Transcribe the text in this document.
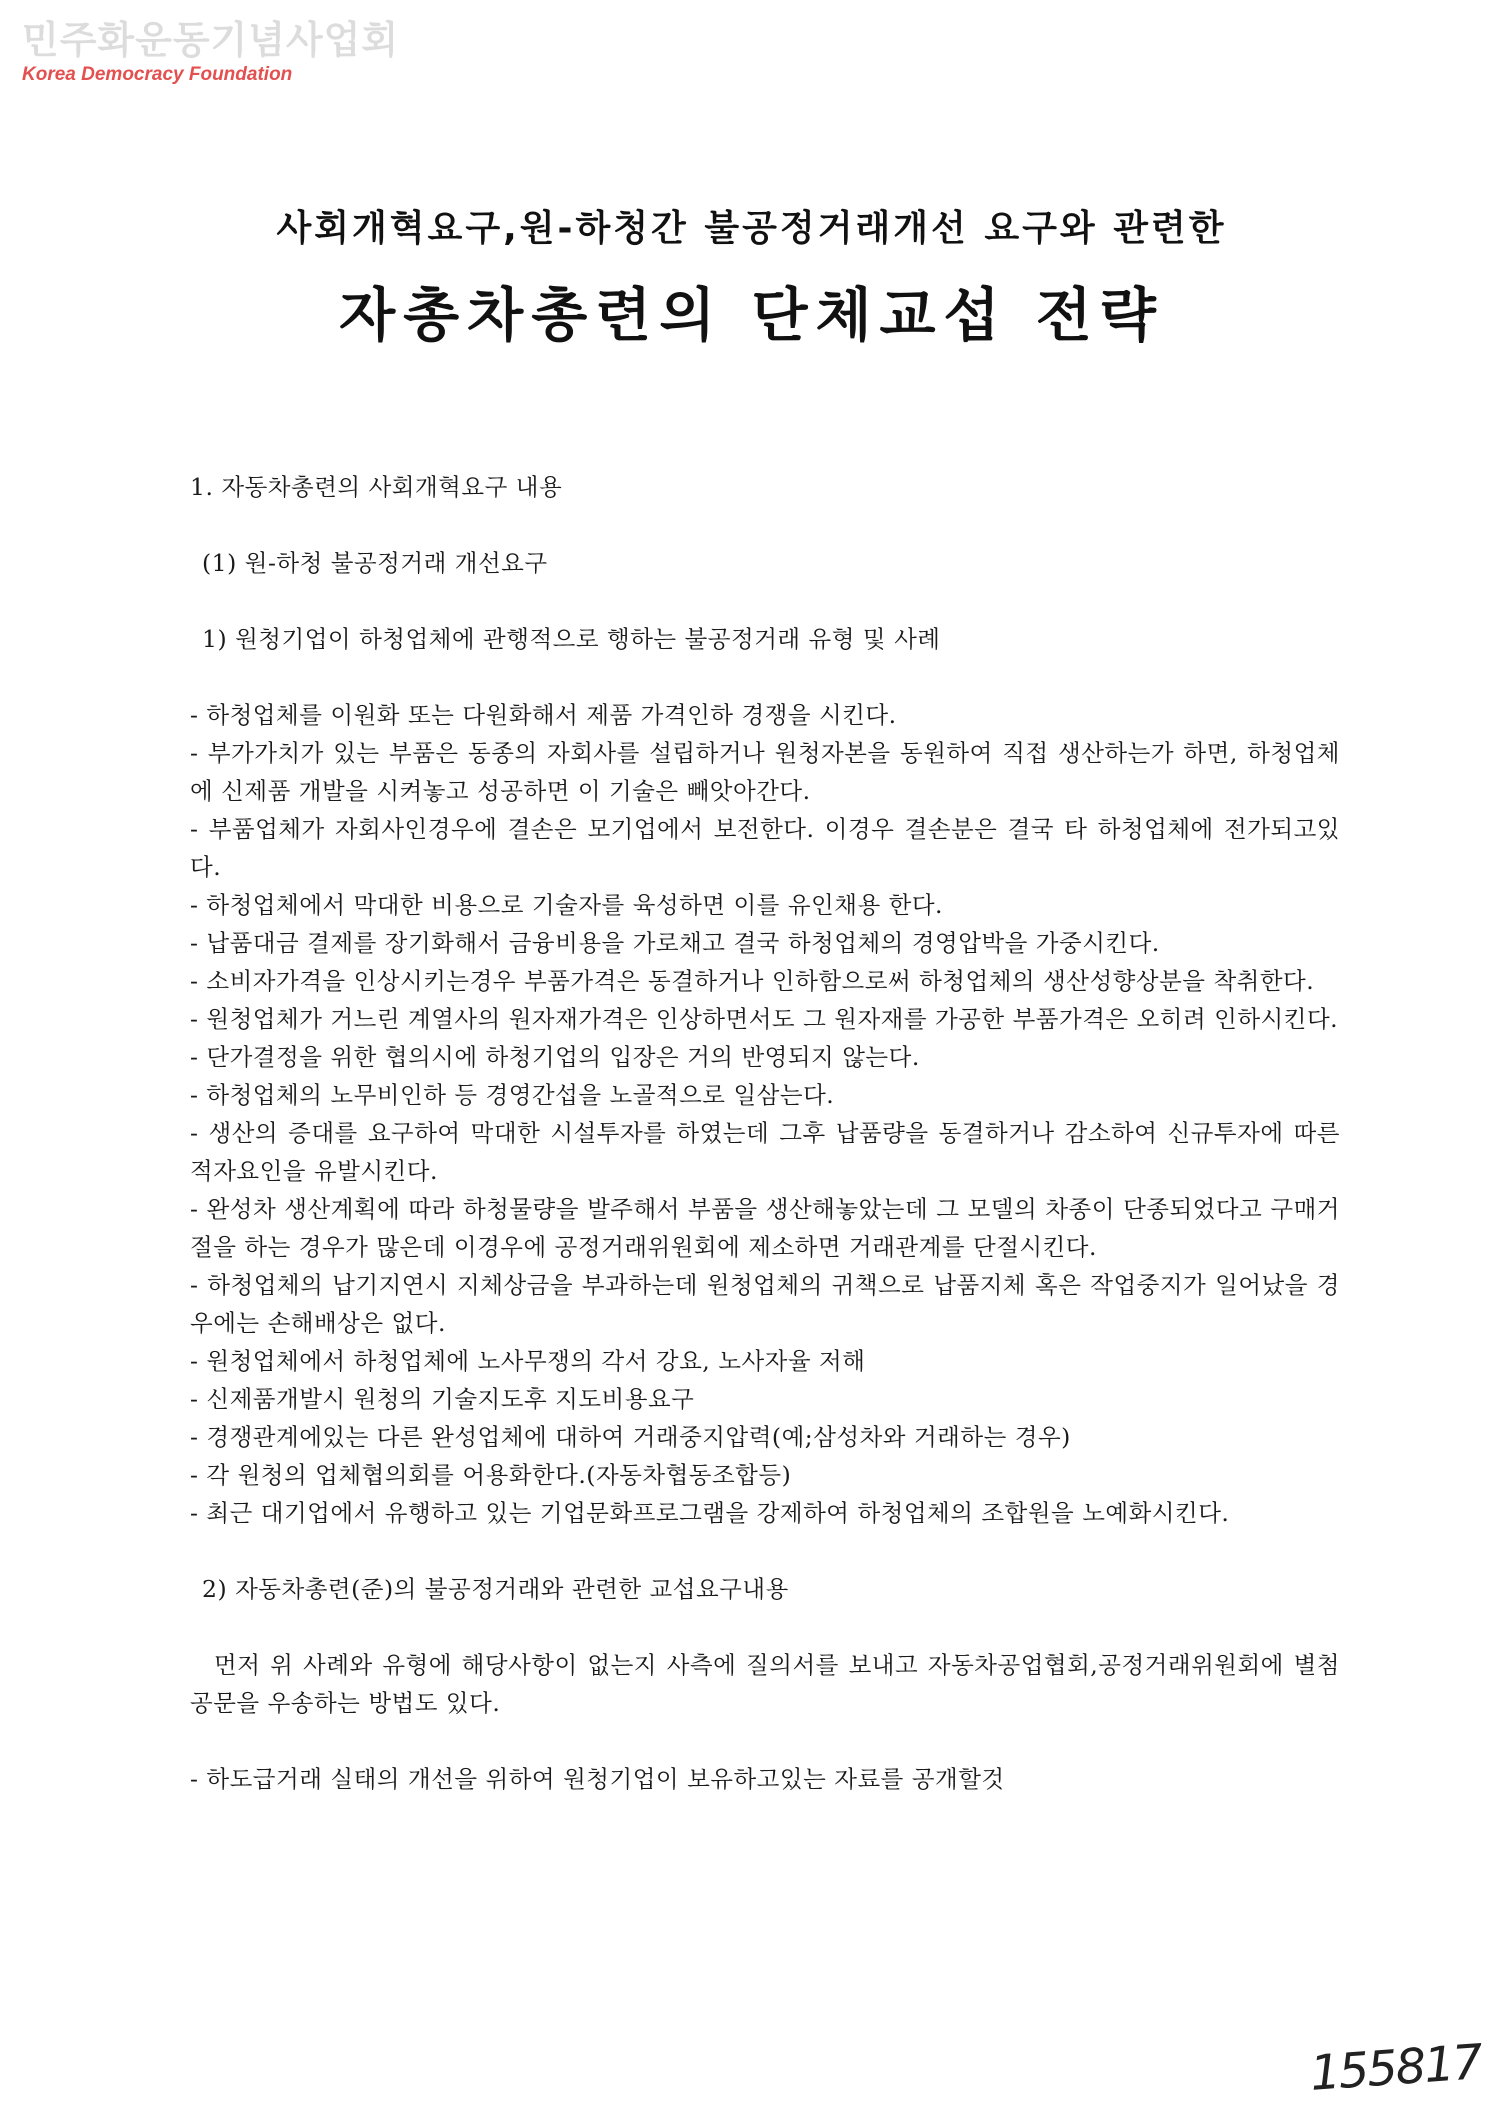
민주화운동기념사업회
Korea Democracy Foundation
사회개혁요구,원-하청간 불공정거래개선 요구와 관련한
자총차총련의 단체교섭 전략

1. 자동차총련의 사회개혁요구 내용

(1) 원-하청 불공정거래 개선요구

1) 원청기업이 하청업체에 관행적으로 행하는 불공정거래 유형 및 사례

- 하청업체를 이원화 또는 다원화해서 제품 가격인하 경쟁을 시킨다.

- 부가가치가 있는 부품은 동종의 자회사를 설립하거나 원청자본을 동원하여 직접 생산하는가 하면, 하청업체에 신제품 개발을 시켜놓고 성공하면 이 기술은 빼앗아간다.

- 부품업체가 자회사인경우에 결손은 모기업에서 보전한다. 이경우 결손분은 결국 타 하청업체에 전가되고있다.

- 하청업체에서 막대한 비용으로 기술자를 육성하면 이를 유인채용 한다.

- 납품대금 결제를 장기화해서 금융비용을 가로채고 결국 하청업체의 경영압박을 가중시킨다.

- 소비자가격을 인상시키는경우 부품가격은 동결하거나 인하함으로써 하청업체의 생산성향상분을 착취한다.

- 원청업체가 거느린 계열사의 원자재가격은 인상하면서도 그 원자재를 가공한 부품가격은 오히려 인하시킨다.

- 단가결정을 위한 협의시에 하청기업의 입장은 거의 반영되지 않는다.

- 하청업체의 노무비인하 등 경영간섭을 노골적으로 일삼는다.

- 생산의 증대를 요구하여 막대한 시설투자를 하였는데 그후 납품량을 동결하거나 감소하여 신규투자에 따른 적자요인을 유발시킨다.

- 완성차 생산계획에 따라 하청물량을 발주해서 부품을 생산해놓았는데 그 모델의 차종이 단종되었다고 구매거절을 하는 경우가 많은데 이경우에 공정거래위원회에 제소하면 거래관계를 단절시킨다.

- 하청업체의 납기지연시 지체상금을 부과하는데 원청업체의 귀책으로 납품지체 혹은 작업중지가 일어났을 경우에는 손해배상은 없다.

- 원청업체에서 하청업체에 노사무쟁의 각서 강요, 노사자율 저해

- 신제품개발시 원청의 기술지도후 지도비용요구

- 경쟁관계에있는 다른 완성업체에 대하여 거래중지압력(예;삼성차와 거래하는 경우)

- 각 원청의 업체협의회를 어용화한다.(자동차협동조합등)

- 최근 대기업에서 유행하고 있는 기업문화프로그램을 강제하여 하청업체의 조합원을 노예화시킨다.

2) 자동차총련(준)의 불공정거래와 관련한 교섭요구내용

먼저 위 사례와 유형에 해당사항이 없는지 사측에 질의서를 보내고 자동차공업협회,공정거래위원회에 별첨 공문을 우송하는 방법도 있다.

- 하도급거래 실태의 개선을 위하여 원청기업이 보유하고있는 자료를 공개할것

155817
